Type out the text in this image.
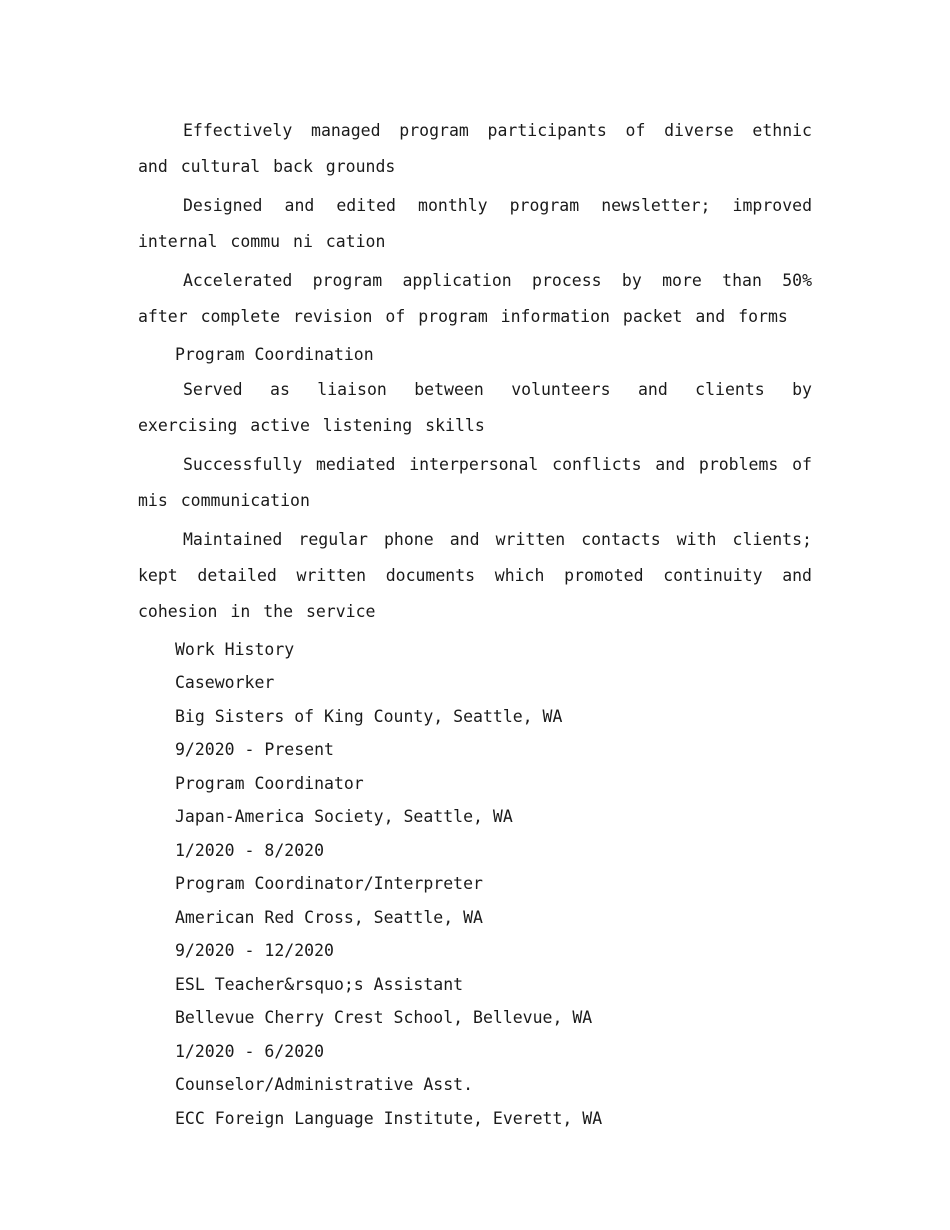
Effectively managed program participants of diverse ethnic and cultural back grounds

Designed and edited monthly program newsletter; improved internal commu ni cation

Accelerated program application process by more than 50% after complete revision of program information packet and forms

Program Coordination

Served as liaison between volunteers and clients by exercising active listening skills

Successfully mediated interpersonal conflicts and problems of mis communication

Maintained regular phone and written contacts with clients; kept detailed written documents which promoted continuity and cohesion in the service

Work History

Caseworker

Big Sisters of King County, Seattle, WA

9/2020 - Present

Program Coordinator

Japan-America Society, Seattle, WA

1/2020 - 8/2020

Program Coordinator/Interpreter

American Red Cross, Seattle, WA

9/2020 - 12/2020

ESL Teacher&rsquo;s Assistant

Bellevue Cherry Crest School, Bellevue, WA

1/2020 - 6/2020

Counselor/Administrative Asst.

ECC Foreign Language Institute, Everett, WA
